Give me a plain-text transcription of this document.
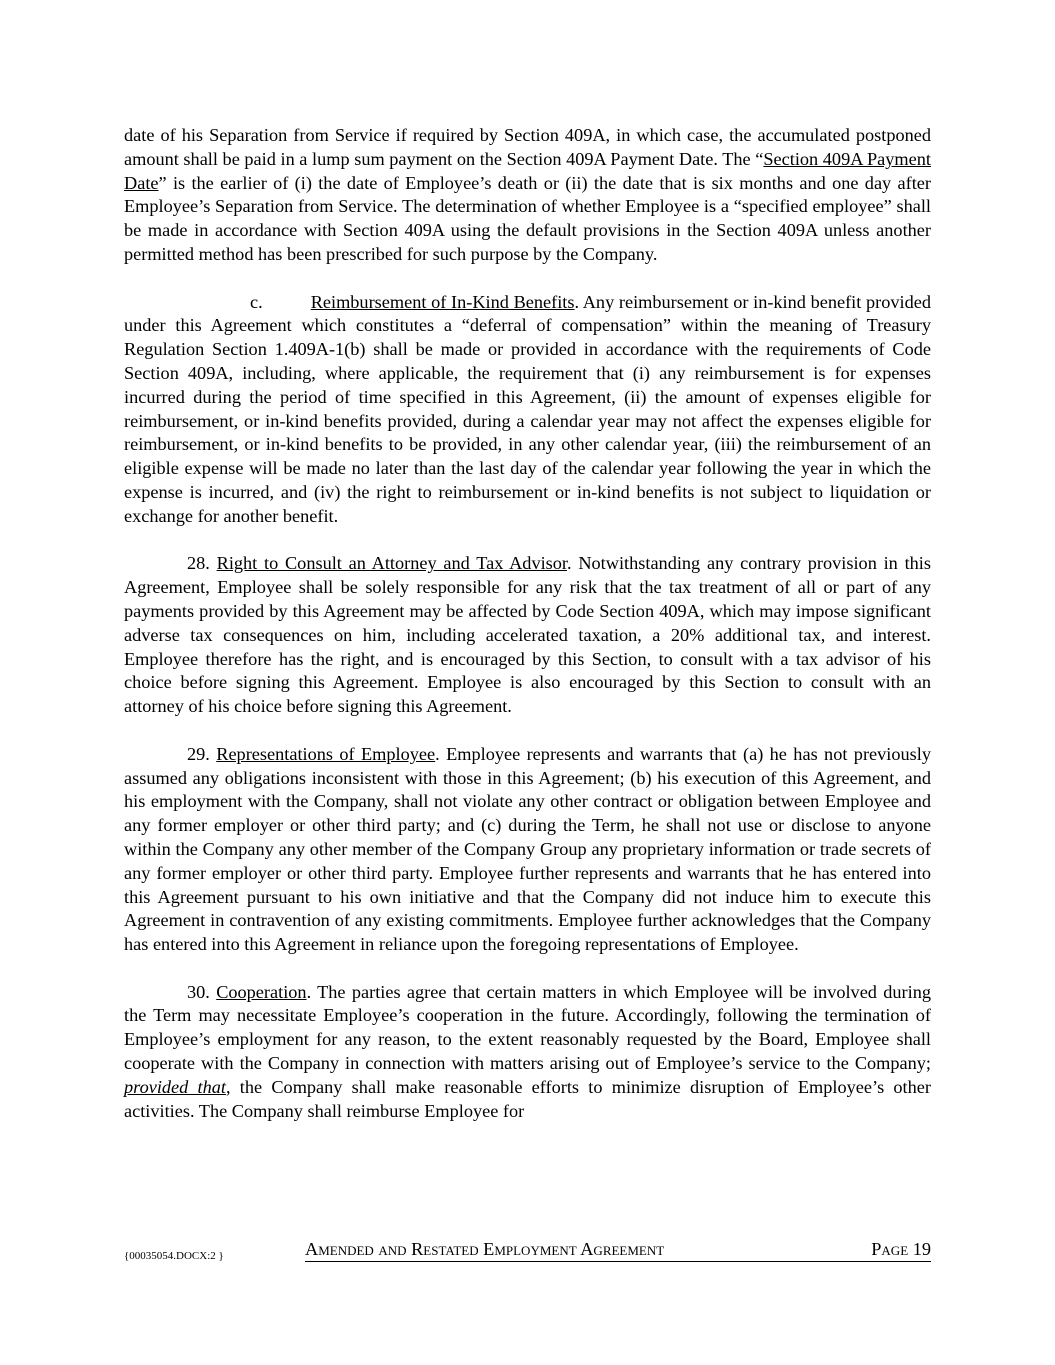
date of his Separation from Service if required by Section 409A, in which case, the accumulated postponed amount shall be paid in a lump sum payment on the Section 409A Payment Date. The “Section 409A Payment Date” is the earlier of (i) the date of Employee’s death or (ii) the date that is six months and one day after Employee’s Separation from Service. The determination of whether Employee is a “specified employee” shall be made in accordance with Section 409A using the default provisions in the Section 409A unless another permitted method has been prescribed for such purpose by the Company.

c.	Reimbursement of In-Kind Benefits. Any reimbursement or in-kind benefit provided under this Agreement which constitutes a “deferral of compensation” within the meaning of Treasury Regulation Section 1.409A-1(b) shall be made or provided in accordance with the requirements of Code Section 409A, including, where applicable, the requirement that (i) any reimbursement is for expenses incurred during the period of time specified in this Agreement, (ii) the amount of expenses eligible for reimbursement, or in-kind benefits provided, during a calendar year may not affect the expenses eligible for reimbursement, or in-kind benefits to be provided, in any other calendar year, (iii) the reimbursement of an eligible expense will be made no later than the last day of the calendar year following the year in which the expense is incurred, and (iv) the right to reimbursement or in-kind benefits is not subject to liquidation or exchange for another benefit.

28. Right to Consult an Attorney and Tax Advisor. Notwithstanding any contrary provision in this Agreement, Employee shall be solely responsible for any risk that the tax treatment of all or part of any payments provided by this Agreement may be affected by Code Section 409A, which may impose significant adverse tax consequences on him, including accelerated taxation, a 20% additional tax, and interest. Employee therefore has the right, and is encouraged by this Section, to consult with a tax advisor of his choice before signing this Agreement. Employee is also encouraged by this Section to consult with an attorney of his choice before signing this Agreement.

29. Representations of Employee. Employee represents and warrants that (a) he has not previously assumed any obligations inconsistent with those in this Agreement; (b) his execution of this Agreement, and his employment with the Company, shall not violate any other contract or obligation between Employee and any former employer or other third party; and (c) during the Term, he shall not use or disclose to anyone within the Company any other member of the Company Group any proprietary information or trade secrets of any former employer or other third party. Employee further represents and warrants that he has entered into this Agreement pursuant to his own initiative and that the Company did not induce him to execute this Agreement in contravention of any existing commitments. Employee further acknowledges that the Company has entered into this Agreement in reliance upon the foregoing representations of Employee.

30. Cooperation. The parties agree that certain matters in which Employee will be involved during the Term may necessitate Employee’s cooperation in the future. Accordingly, following the termination of Employee’s employment for any reason, to the extent reasonably requested by the Board, Employee shall cooperate with the Company in connection with matters arising out of Employee’s service to the Company; provided that, the Company shall make reasonable efforts to minimize disruption of Employee’s other activities. The Company shall reimburse Employee for

{00035054.DOCX:2 }	Amended and Restated Employment Agreement	Page 19
